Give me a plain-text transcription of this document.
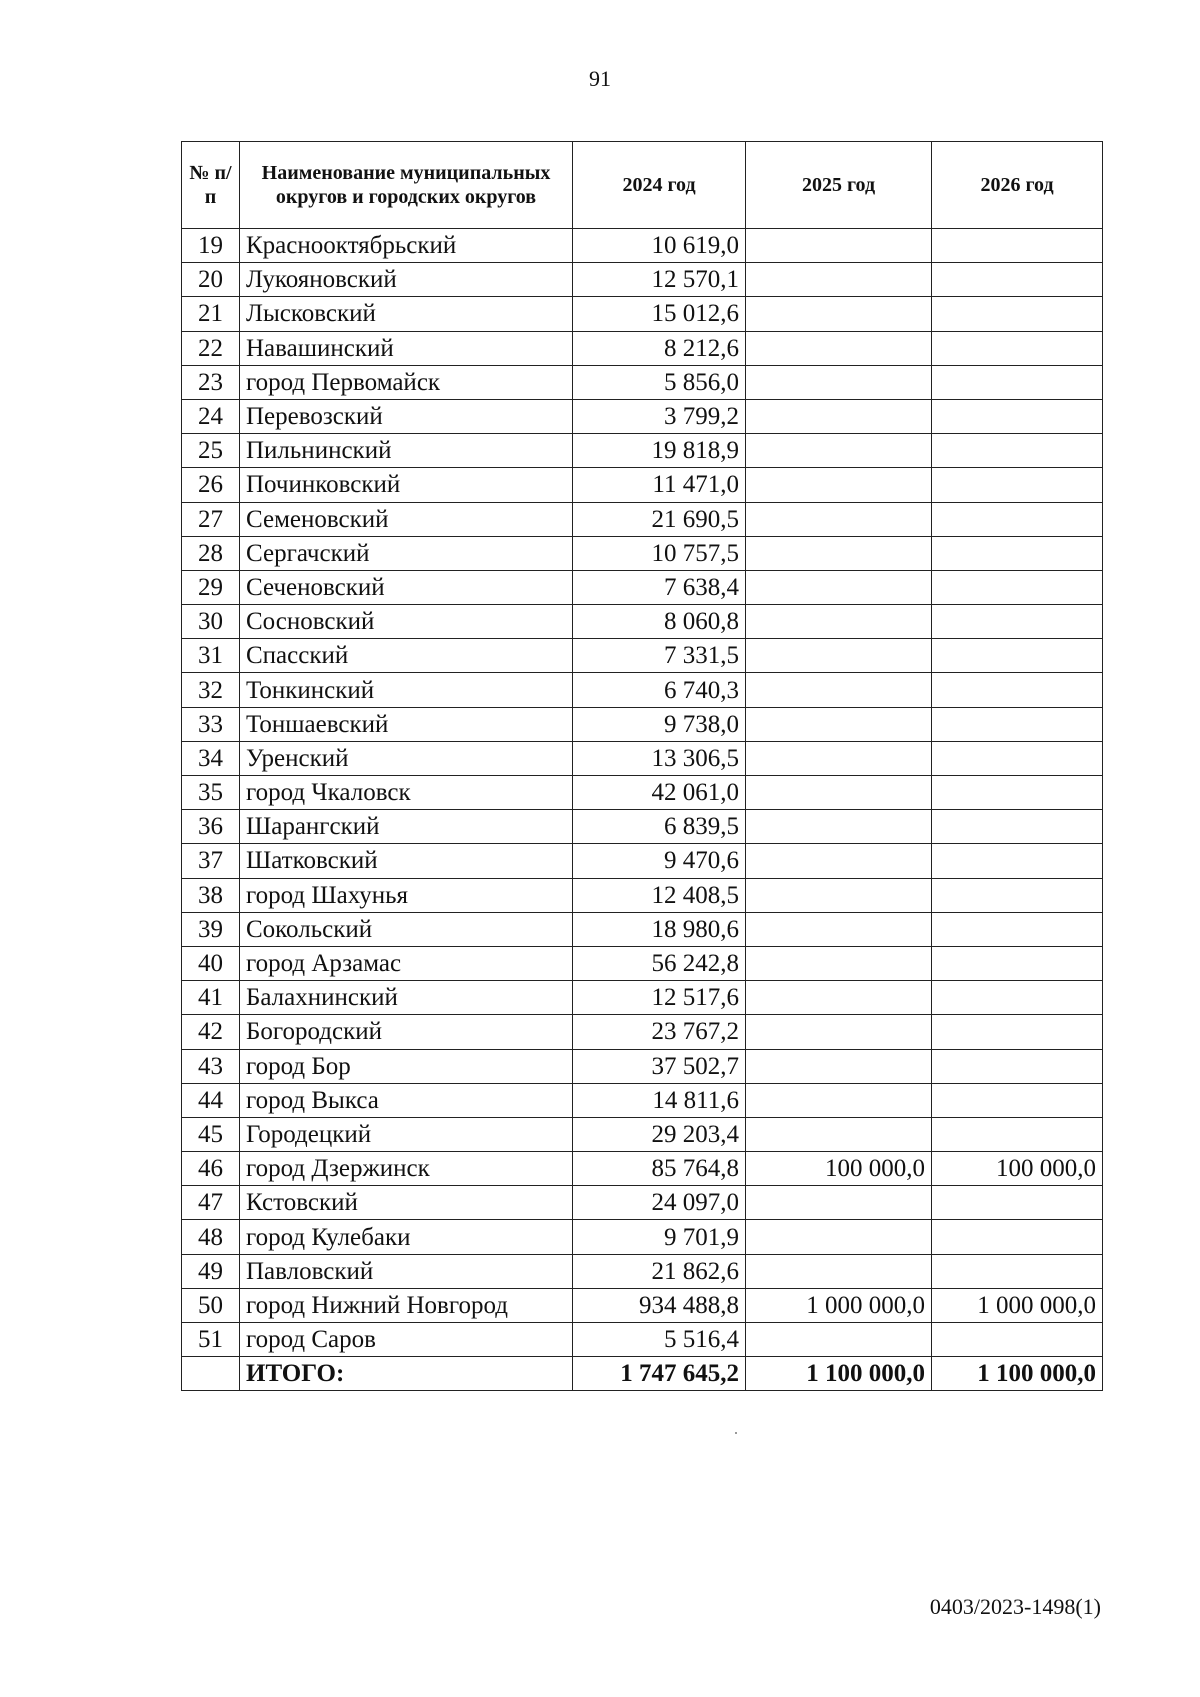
91
№ п/п	Наименование муниципальных округов и городских округов	2024 год	2025 год	2026 год
19	Краснооктябрьский	10 619,0		
20	Лукояновский	12 570,1		
21	Лысковский	15 012,6		
22	Навашинский	8 212,6		
23	город Первомайск	5 856,0		
24	Перевозский	3 799,2		
25	Пильнинский	19 818,9		
26	Починковский	11 471,0		
27	Семеновский	21 690,5		
28	Сергачский	10 757,5		
29	Сеченовский	7 638,4		
30	Сосновский	8 060,8		
31	Спасский	7 331,5		
32	Тонкинский	6 740,3		
33	Тоншаевский	9 738,0		
34	Уренский	13 306,5		
35	город Чкаловск	42 061,0		
36	Шарангский	6 839,5		
37	Шатковский	9 470,6		
38	город Шахунья	12 408,5		
39	Сокольский	18 980,6		
40	город Арзамас	56 242,8		
41	Балахнинский	12 517,6		
42	Богородский	23 767,2		
43	город Бор	37 502,7		
44	город Выкса	14 811,6		
45	Городецкий	29 203,4		
46	город Дзержинск	85 764,8	100 000,0	100 000,0
47	Кстовский	24 097,0		
48	город Кулебаки	9 701,9		
49	Павловский	21 862,6		
50	город Нижний Новгород	934 488,8	1 000 000,0	1 000 000,0
51	город Саров	5 516,4		
	ИТОГО:	1 747 645,2	1 100 000,0	1 100 000,0
0403/2023-1498(1)
